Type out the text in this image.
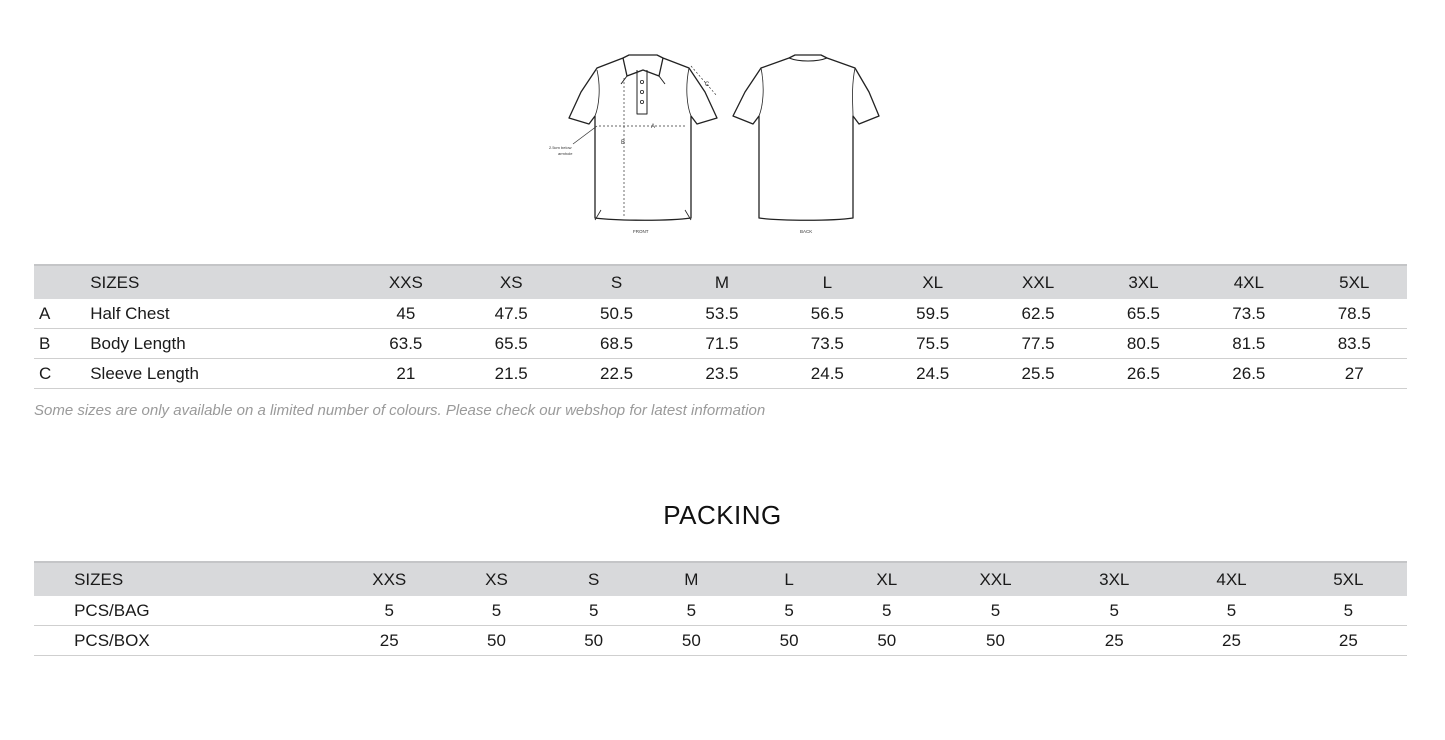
A
B
C
2.5cm below
armhole
FRONT	BACK
	SIZES	XXS	XS	S	M	L	XL	XXL	3XL	4XL	5XL
A	Half Chest	45	47.5	50.5	53.5	56.5	59.5	62.5	65.5	73.5	78.5
B	Body Length	63.5	65.5	68.5	71.5	73.5	75.5	77.5	80.5	81.5	83.5
C	Sleeve Length	21	21.5	22.5	23.5	24.5	24.5	25.5	26.5	26.5	27

Some sizes are only available on a limited number of colours. Please check our webshop for latest information

PACKING
	SIZES	XXS	XS	S	M	L	XL	XXL	3XL	4XL	5XL
	PCS/BAG	5	5	5	5	5	5	5	5	5	5
	PCS/BOX	25	50	50	50	50	50	50	25	25	25
